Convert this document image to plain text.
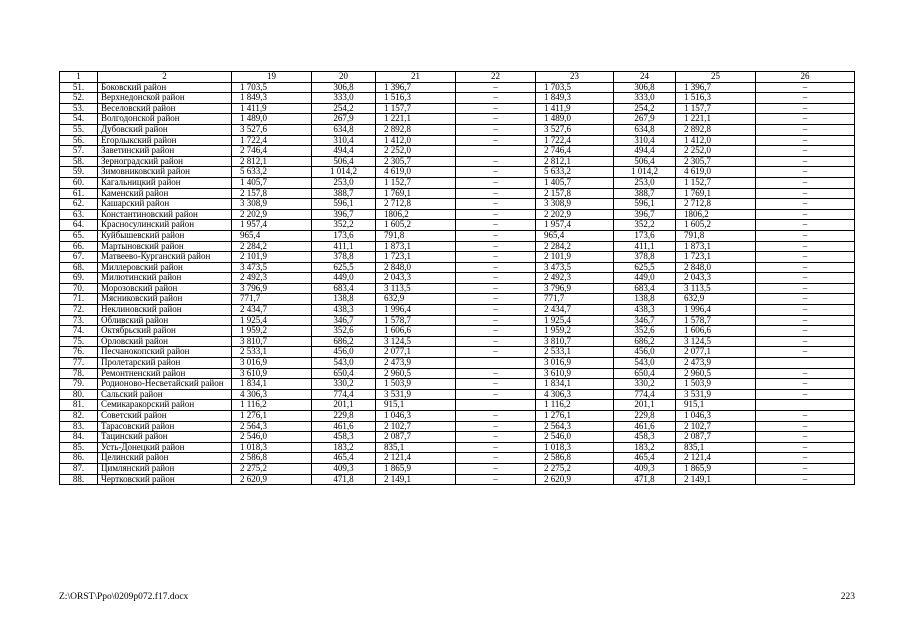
1	2	19	20	21	22	23	24	25	26
51.	Боковский район	1 703,5	306,8	1 396,7	–	1 703,5	306,8	1 396,7	–
52.	Верхнедонской район	1 849,3	333,0	1 516,3	–	1 849,3	333,0	1 516,3	–
53.	Веселовский район	1 411,9	254,2	1 157,7	–	1 411,9	254,2	1 157,7	–
54.	Волгодонской район	1 489,0	267,9	1 221,1	–	1 489,0	267,9	1 221,1	–
55.	Дубовский район	3 527,6	634,8	2 892,8	–	3 527,6	634,8	2 892,8	–
56.	Егорлыкский район	1 722,4	310,4	1 412,0	–	1 722,4	310,4	1 412,0	–
57.	Заветинский район	2 746,4	494,4	2 252,0		2 746,4	494,4	2 252,0	–
58.	Зерноградский район	2 812,1	506,4	2 305,7	–	2 812,1	506,4	2 305,7	–
59.	Зимовниковский район	5 633,2	1 014,2	4 619,0	–	5 633,2	1 014,2	4 619,0	–
60.	Кагальницкий район	1 405,7	253,0	1 152,7	–	1 405,7	253,0	1 152,7	–
61.	Каменский район	2 157,8	388,7	1 769,1	–	2 157,8	388,7	1 769,1	–
62.	Кашарский район	3 308,9	596,1	2 712,8	–	3 308,9	596,1	2 712,8	–
63.	Константиновский район	2 202,9	396,7	1806,2	–	2 202,9	396,7	1806,2	–
64.	Красносулинский район	1 957,4	352,2	1 605,2	–	1 957,4	352,2	1 605,2	–
65.	Куйбышевский район	965,4	173,6	791,8	–	965,4	173,6	791,8	–
66.	Мартыновский район	2 284,2	411,1	1 873,1	–	2 284,2	411,1	1 873,1	–
67.	Матвеево-Курганский район	2 101,9	378,8	1 723,1	–	2 101,9	378,8	1 723,1	–
68.	Миллеровский район	3 473,5	625,5	2 848,0	–	3 473,5	625,5	2 848,0	–
69.	Милютинский район	2 492,3	449,0	2 043,3	–	2 492,3	449,0	2 043,3	–
70.	Морозовский район	3 796,9	683,4	3 113,5	–	3 796,9	683,4	3 113,5	–
71.	Мясниковский район	771,7	138,8	632,9	–	771,7	138,8	632,9	–
72.	Неклиновский район	2 434,7	438,3	1 996,4	–	2 434,7	438,3	1 996,4	–
73.	Обливский район	1 925,4	346,7	1 578,7	–	1 925,4	346,7	1 578,7	–
74.	Октябрьский район	1 959,2	352,6	1 606,6	–	1 959,2	352,6	1 606,6	–
75.	Орловский район	3 810,7	686,2	3 124,5	–	3 810,7	686,2	3 124,5	–
76.	Песчанокопский район	2 533,1	456,0	2 077,1	–	2 533,1	456,0	2 077,1	–
77.	Пролетарский район	3 016,9	543,0	2 473,9		3 016,9	543,0	2 473,9	
78.	Ремонтненский район	3 610,9	650,4	2 960,5	–	3 610,9	650,4	2 960,5	–
79.	Родионово-Несветайский район	1 834,1	330,2	1 503,9	–	1 834,1	330,2	1 503,9	–
80.	Сальский район	4 306,3	774,4	3 531,9	–	4 306,3	774,4	3 531,9	–
81.	Семикаракорский район	1 116,2	201,1	915,1		1 116,2	201,1	915,1	
82.	Советский район	1 276,1	229,8	1 046,3	–	1 276,1	229,8	1 046,3	–
83.	Тарасовский район	2 564,3	461,6	2 102,7	–	2 564,3	461,6	2 102,7	–
84.	Тацинский район	2 546,0	458,3	2 087,7	–	2 546,0	458,3	2 087,7	–
85.	Усть-Донецкий район	1 018,3	183,2	835,1	–	1 018,3	183,2	835,1	–
86.	Целинский район	2 586,8	465,4	2 121,4	–	2 586,8	465,4	2 121,4	–
87.	Цимлянский район	2 275,2	409,3	1 865,9	–	2 275,2	409,3	1 865,9	–
88.	Чертковский район	2 620,9	471,8	2 149,1	–	2 620,9	471,8	2 149,1	–
Z:\ORST\Ppo\0209p072.f17.docx	223
